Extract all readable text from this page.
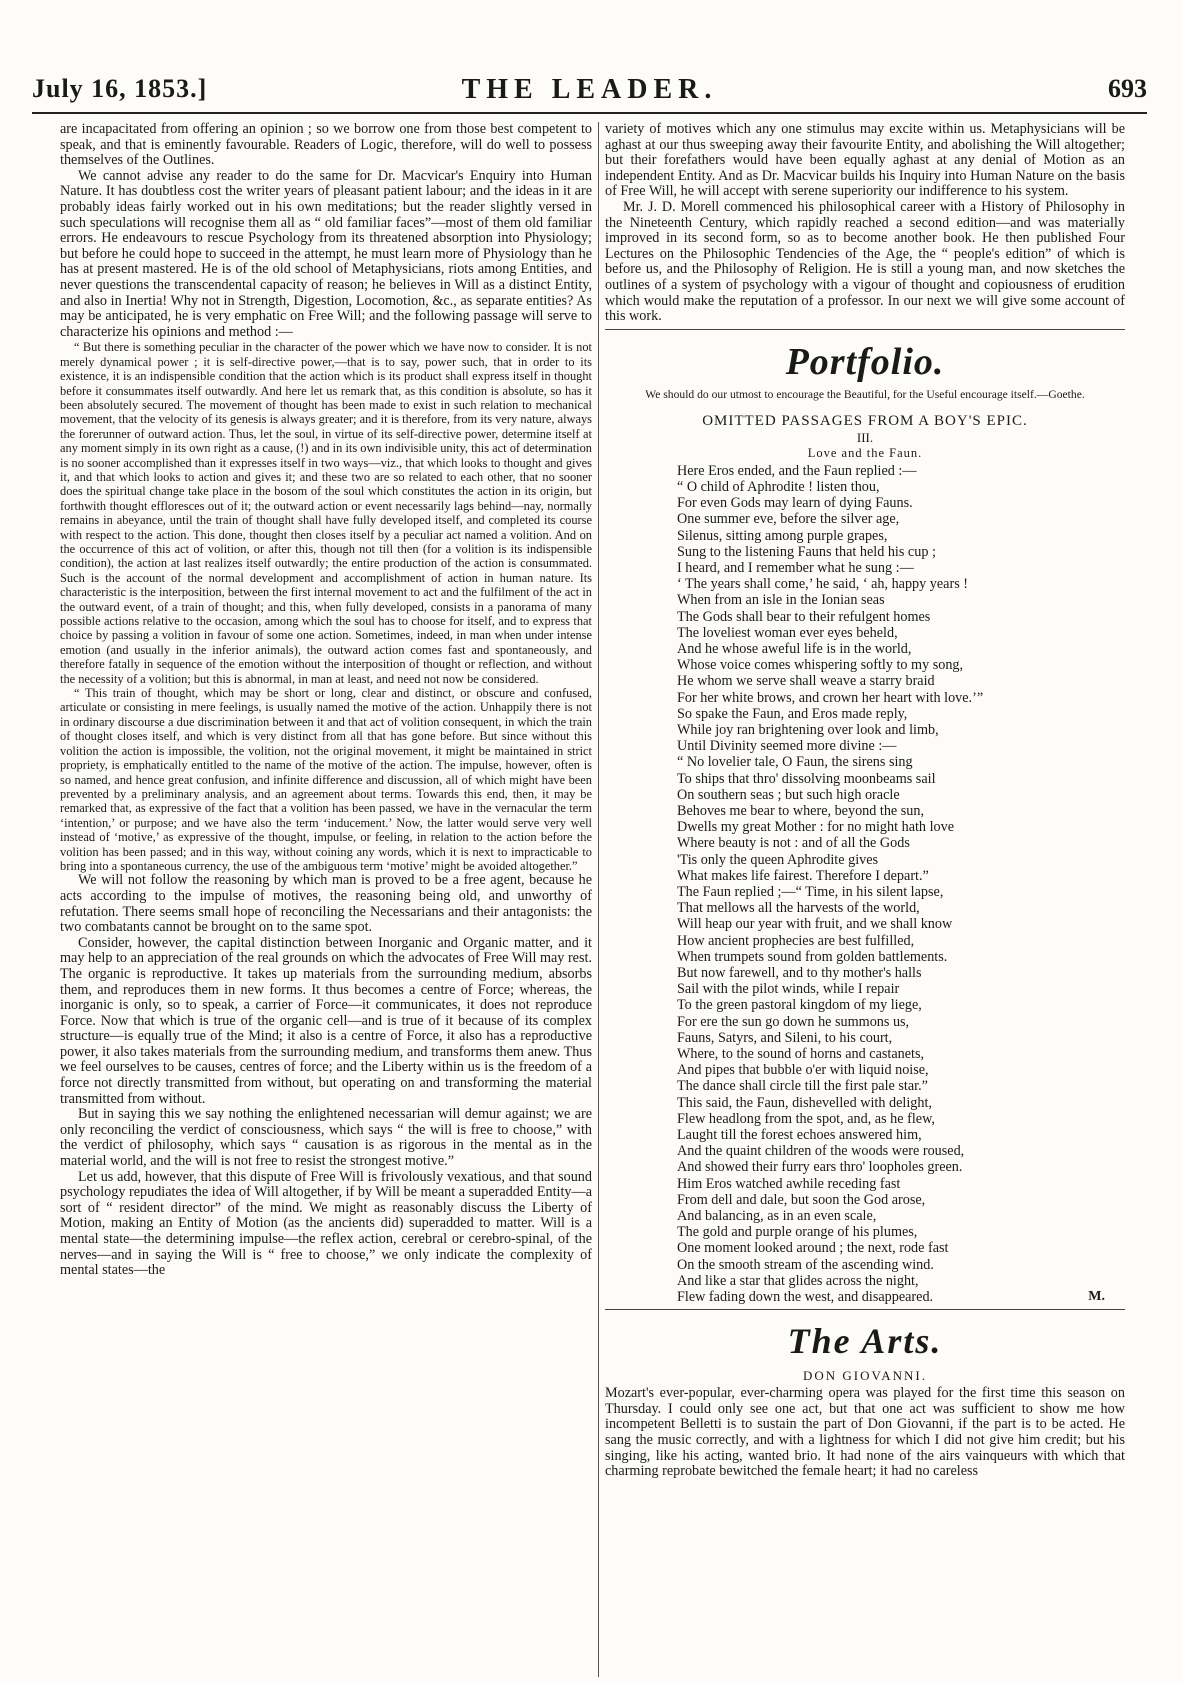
July 16, 1853.]	THE LEADER.	693

are incapacitated from offering an opinion ; so we borrow one from those best competent to speak, and that is eminently favourable. Readers of Logic, therefore, will do well to possess themselves of the Outlines.

We cannot advise any reader to do the same for Dr. Macvicar's Enquiry into Human Nature. It has doubtless cost the writer years of pleasant patient labour; and the ideas in it are probably ideas fairly worked out in his own meditations; but the reader slightly versed in such speculations will recognise them all as “ old familiar faces”—most of them old familiar errors. He endeavours to rescue Psychology from its threatened absorption into Physiology; but before he could hope to succeed in the attempt, he must learn more of Physiology than he has at present mastered. He is of the old school of Metaphysicians, riots among Entities, and never questions the transcendental capacity of reason; he believes in Will as a distinct Entity, and also in Inertia! Why not in Strength, Digestion, Locomotion, &c., as separate entities? As may be anticipated, he is very emphatic on Free Will; and the following passage will serve to characterize his opinions and method :—

“ But there is something peculiar in the character of the power which we have now to consider. It is not merely dynamical power ; it is self-directive power,—that is to say, power such, that in order to its existence, it is an indispensible condition that the action which is its product shall express itself in thought before it consummates itself outwardly. And here let us remark that, as this condition is absolute, so has it been absolutely secured. The movement of thought has been made to exist in such relation to mechanical movement, that the velocity of its genesis is always greater; and it is therefore, from its very nature, always the forerunner of outward action. Thus, let the soul, in virtue of its self-directive power, determine itself at any moment simply in its own right as a cause, (!) and in its own indivisible unity, this act of determination is no sooner accomplished than it expresses itself in two ways—viz., that which looks to thought and gives it, and that which looks to action and gives it; and these two are so related to each other, that no sooner does the spiritual change take place in the bosom of the soul which constitutes the action in its origin, but forthwith thought effloresces out of it; the outward action or event necessarily lags behind—nay, normally remains in abeyance, until the train of thought shall have fully developed itself, and completed its course with respect to the action. This done, thought then closes itself by a peculiar act named a volition. And on the occurrence of this act of volition, or after this, though not till then (for a volition is its indispensible condition), the action at last realizes itself outwardly; the entire production of the action is consummated. Such is the account of the normal development and accomplishment of action in human nature. Its characteristic is the interposition, between the first internal movement to act and the fulfilment of the act in the outward event, of a train of thought; and this, when fully developed, consists in a panorama of many possible actions relative to the occasion, among which the soul has to choose for itself, and to express that choice by passing a volition in favour of some one action. Sometimes, indeed, in man when under intense emotion (and usually in the inferior animals), the outward action comes fast and spontaneously, and therefore fatally in sequence of the emotion without the interposition of thought or reflection, and without the necessity of a volition; but this is abnormal, in man at least, and need not now be considered.

“ This train of thought, which may be short or long, clear and distinct, or obscure and confused, articulate or consisting in mere feelings, is usually named the motive of the action. Unhappily there is not in ordinary discourse a due discrimination between it and that act of volition consequent, in which the train of thought closes itself, and which is very distinct from all that has gone before. But since without this volition the action is impossible, the volition, not the original movement, it might be maintained in strict propriety, is emphatically entitled to the name of the motive of the action. The impulse, however, often is so named, and hence great confusion, and infinite difference and discussion, all of which might have been prevented by a preliminary analysis, and an agreement about terms. Towards this end, then, it may be remarked that, as expressive of the fact that a volition has been passed, we have in the vernacular the term ‘intention,’ or purpose; and we have also the term ‘inducement.’ Now, the latter would serve very well instead of ‘motive,’ as expressive of the thought, impulse, or feeling, in relation to the action before the volition has been passed; and in this way, without coining any words, which it is next to impracticable to bring into a spontaneous currency, the use of the ambiguous term ‘motive’ might be avoided altogether.”

We will not follow the reasoning by which man is proved to be a free agent, because he acts according to the impulse of motives, the reasoning being old, and unworthy of refutation. There seems small hope of reconciling the Necessarians and their antagonists: the two combatants cannot be brought on to the same spot.

Consider, however, the capital distinction between Inorganic and Organic matter, and it may help to an appreciation of the real grounds on which the advocates of Free Will may rest. The organic is reproductive. It takes up materials from the surrounding medium, absorbs them, and reproduces them in new forms. It thus becomes a centre of Force; whereas, the inorganic is only, so to speak, a carrier of Force—it communicates, it does not reproduce Force. Now that which is true of the organic cell—and is true of it because of its complex structure—is equally true of the Mind; it also is a centre of Force, it also has a reproductive power, it also takes materials from the surrounding medium, and transforms them anew. Thus we feel ourselves to be causes, centres of force; and the Liberty within us is the freedom of a force not directly transmitted from without, but operating on and transforming the material transmitted from without.

But in saying this we say nothing the enlightened necessarian will demur against; we are only reconciling the verdict of consciousness, which says “ the will is free to choose,” with the verdict of philosophy, which says “ causation is as rigorous in the mental as in the material world, and the will is not free to resist the strongest motive.”

Let us add, however, that this dispute of Free Will is frivolously vexatious, and that sound psychology repudiates the idea of Will altogether, if by Will be meant a superadded Entity—a sort of “ resident director” of the mind. We might as reasonably discuss the Liberty of Motion, making an Entity of Motion (as the ancients did) superadded to matter. Will is a mental state—the determining impulse—the reflex action, cerebral or cerebro-spinal, of the nerves—and in saying the Will is “ free to choose,” we only indicate the complexity of mental states—the

variety of motives which any one stimulus may excite within us. Metaphysicians will be aghast at our thus sweeping away their favourite Entity, and abolishing the Will altogether; but their forefathers would have been equally aghast at any denial of Motion as an independent Entity. And as Dr. Macvicar builds his Inquiry into Human Nature on the basis of Free Will, he will accept with serene superiority our indifference to his system.

Mr. J. D. Morell commenced his philosophical career with a History of Philosophy in the Nineteenth Century, which rapidly reached a second edition—and was materially improved in its second form, so as to become another book. He then published Four Lectures on the Philosophic Tendencies of the Age, the “ people's edition” of which is before us, and the Philosophy of Religion. He is still a young man, and now sketches the outlines of a system of psychology with a vigour of thought and copiousness of erudition which would make the reputation of a professor. In our next we will give some account of this work.

Portfolio.
We should do our utmost to encourage the Beautiful, for the Useful encourage itself.—Goethe.
OMITTED PASSAGES FROM A BOY'S EPIC.
III.
Love and the Faun.
Here Eros ended, and the Faun replied :—
“ O child of Aphrodite ! listen thou,
For even Gods may learn of dying Fauns.
One summer eve, before the silver age,
Silenus, sitting among purple grapes,
Sung to the listening Fauns that held his cup ;
I heard, and I remember what he sung :—
‘ The years shall come,’ he said, ‘ ah, happy years !
When from an isle in the Ionian seas
The Gods shall bear to their refulgent homes
The loveliest woman ever eyes beheld,
And he whose aweful life is in the world,
Whose voice comes whispering softly to my song,
He whom we serve shall weave a starry braid
For her white brows, and crown her heart with love.’”
So spake the Faun, and Eros made reply,
While joy ran brightening over look and limb,
Until Divinity seemed more divine :—
“ No lovelier tale, O Faun, the sirens sing
To ships that thro' dissolving moonbeams sail
On southern seas ; but such high oracle
Behoves me bear to where, beyond the sun,
Dwells my great Mother : for no might hath love
Where beauty is not : and of all the Gods
'Tis only the queen Aphrodite gives
What makes life fairest. Therefore I depart.”
The Faun replied ;—“ Time, in his silent lapse,
That mellows all the harvests of the world,
Will heap our year with fruit, and we shall know
How ancient prophecies are best fulfilled,
When trumpets sound from golden battlements.
But now farewell, and to thy mother's halls
Sail with the pilot winds, while I repair
To the green pastoral kingdom of my liege,
For ere the sun go down he summons us,
Fauns, Satyrs, and Sileni, to his court,
Where, to the sound of horns and castanets,
And pipes that bubble o'er with liquid noise,
The dance shall circle till the first pale star.”
This said, the Faun, dishevelled with delight,
Flew headlong from the spot, and, as he flew,
Laught till the forest echoes answered him,
And the quaint children of the woods were roused,
And showed their furry ears thro' loopholes green.
Him Eros watched awhile receding fast
From dell and dale, but soon the God arose,
And balancing, as in an even scale,
The gold and purple orange of his plumes,
One moment looked around ; the next, rode fast
On the smooth stream of the ascending wind.
And like a star that glides across the night,
Flew fading down the west, and disappeared.	M.
The Arts.
DON GIOVANNI.

Mozart's ever-popular, ever-charming opera was played for the first time this season on Thursday. I could only see one act, but that one act was sufficient to show me how incompetent Belletti is to sustain the part of Don Giovanni, if the part is to be acted. He sang the music correctly, and with a lightness for which I did not give him credit; but his singing, like his acting, wanted brio. It had none of the airs vainqueurs with which that charming reprobate bewitched the female heart; it had no careless
